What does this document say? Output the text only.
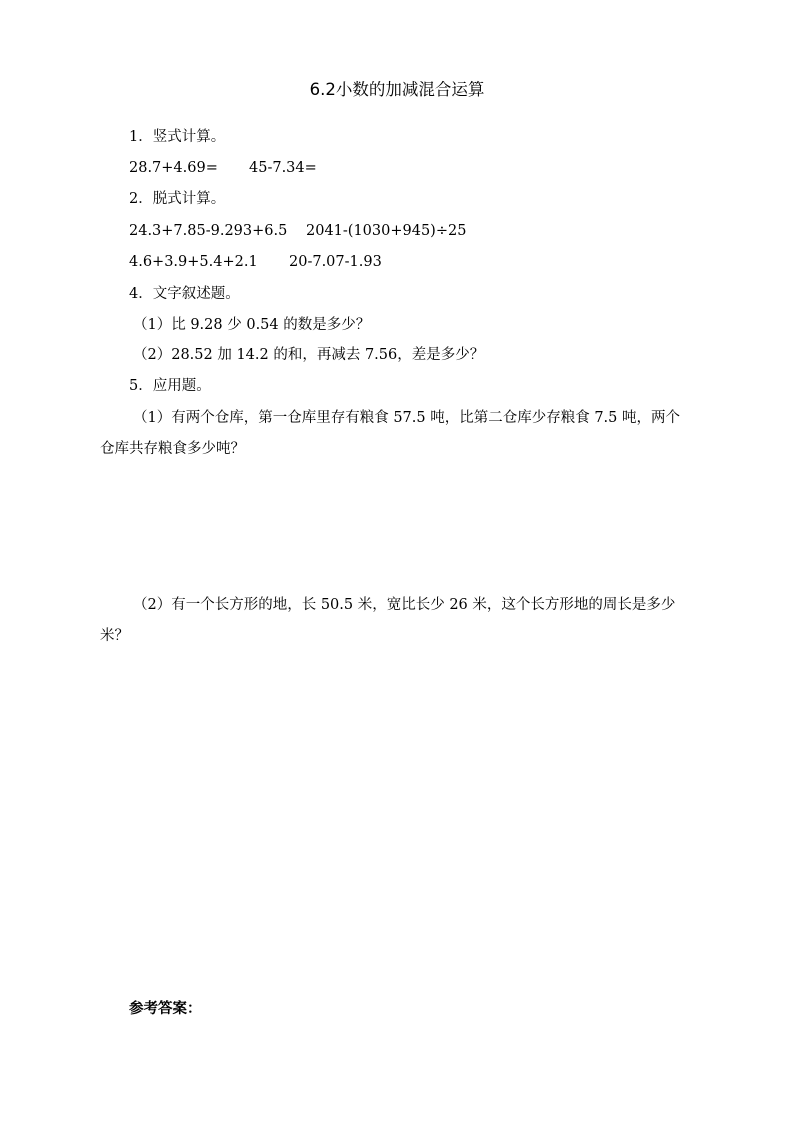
6.2小数的加减混合运算
1．竖式计算。
28.7+4.69= 45-7.34=
2．脱式计算。
24.3+7.85-9.293+6.5 2041-(1030+945)÷25
4.6+3.9+5.4+2.1 20-7.07-1.93
4．文字叙述题。
（1）比 9.28 少 0.54 的数是多少？
（2）28.52 加 14.2 的和，再减去 7.56，差是多少？
5．应用题。
（1）有两个仓库，第一仓库里存有粮食 57.5 吨，比第二仓库少存粮食 7.5 吨，两个
仓库共存粮食多少吨？
（2）有一个长方形的地，长 50.5 米，宽比长少 26 米，这个长方形地的周长是多少
米？
参考答案：
